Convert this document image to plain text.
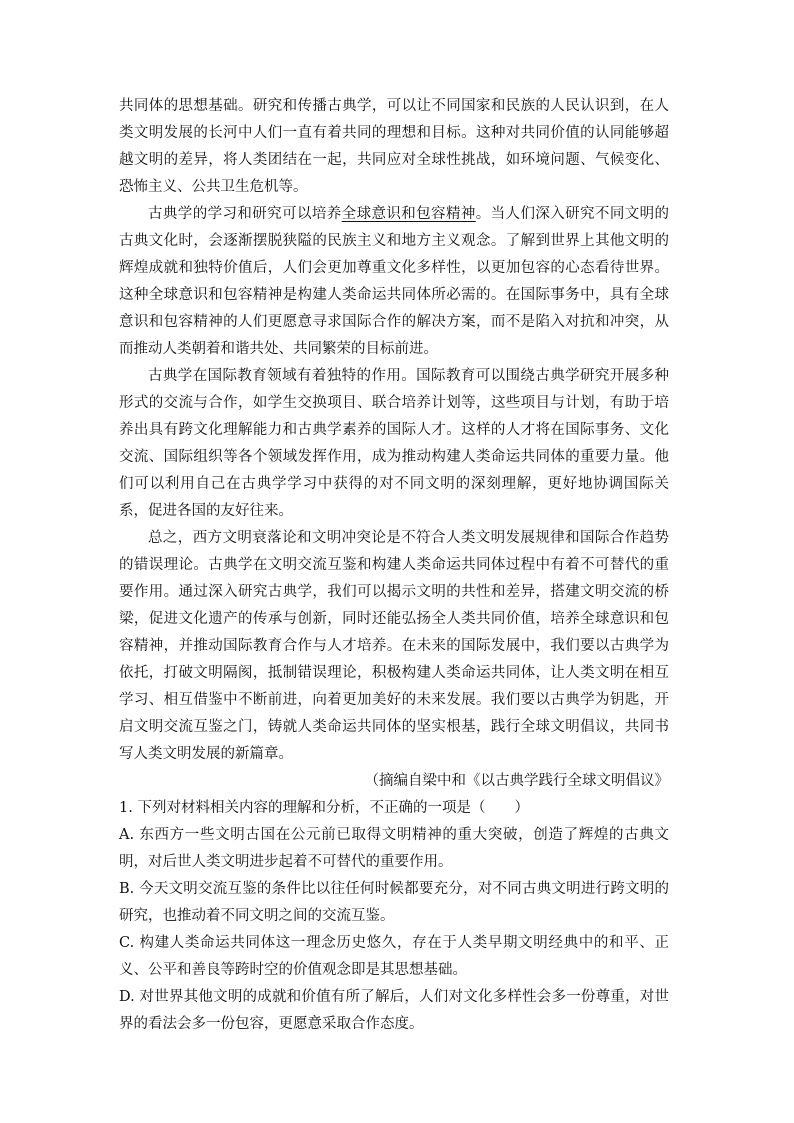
共同体的思想基础。研究和传播古典学，可以让不同国家和民族的人民认识到，在人类文明发展的长河中人们一直有着共同的理想和目标。这种对共同价值的认同能够超越文明的差异，将人类团结在一起，共同应对全球性挑战，如环境问题、气候变化、恐怖主义、公共卫生危机等。

古典学的学习和研究可以培养全球意识和包容精神。当人们深入研究不同文明的古典文化时，会逐渐摆脱狭隘的民族主义和地方主义观念。了解到世界上其他文明的辉煌成就和独特价值后，人们会更加尊重文化多样性，以更加包容的心态看待世界。这种全球意识和包容精神是构建人类命运共同体所必需的。在国际事务中，具有全球意识和包容精神的人们更愿意寻求国际合作的解决方案，而不是陷入对抗和冲突，从而推动人类朝着和谐共处、共同繁荣的目标前进。

古典学在国际教育领域有着独特的作用。国际教育可以围绕古典学研究开展多种形式的交流与合作，如学生交换项目、联合培养计划等，这些项目与计划，有助于培养出具有跨文化理解能力和古典学素养的国际人才。这样的人才将在国际事务、文化交流、国际组织等各个领域发挥作用，成为推动构建人类命运共同体的重要力量。他们可以利用自己在古典学学习中获得的对不同文明的深刻理解，更好地协调国际关系，促进各国的友好往来。

总之，西方文明衰落论和文明冲突论是不符合人类文明发展规律和国际合作趋势的错误理论。古典学在文明交流互鉴和构建人类命运共同体过程中有着不可替代的重要作用。通过深入研究古典学，我们可以揭示文明的共性和差异，搭建文明交流的桥梁，促进文化遗产的传承与创新，同时还能弘扬全人类共同价值，培养全球意识和包容精神，并推动国际教育合作与人才培养。在未来的国际发展中，我们要以古典学为依托，打破文明隔阂，抵制错误理论，积极构建人类命运共同体，让人类文明在相互学习、相互借鉴中不断前进，向着更加美好的未来发展。我们要以古典学为钥匙，开启文明交流互鉴之门，铸就人类命运共同体的坚实根基，践行全球文明倡议，共同书写人类文明发展的新篇章。

（摘编自梁中和《以古典学践行全球文明倡议》

1. 下列对材料相关内容的理解和分析，不正确的一项是（　　）

A. 东西方一些文明古国在公元前已取得文明精神的重大突破，创造了辉煌的古典文明，对后世人类文明进步起着不可替代的重要作用。

B. 今天文明交流互鉴的条件比以往任何时候都要充分，对不同古典文明进行跨文明的研究，也推动着不同文明之间的交流互鉴。

C. 构建人类命运共同体这一理念历史悠久，存在于人类早期文明经典中的和平、正义、公平和善良等跨时空的价值观念即是其思想基础。

D. 对世界其他文明的成就和价值有所了解后，人们对文化多样性会多一份尊重，对世界的看法会多一份包容，更愿意采取合作态度。
